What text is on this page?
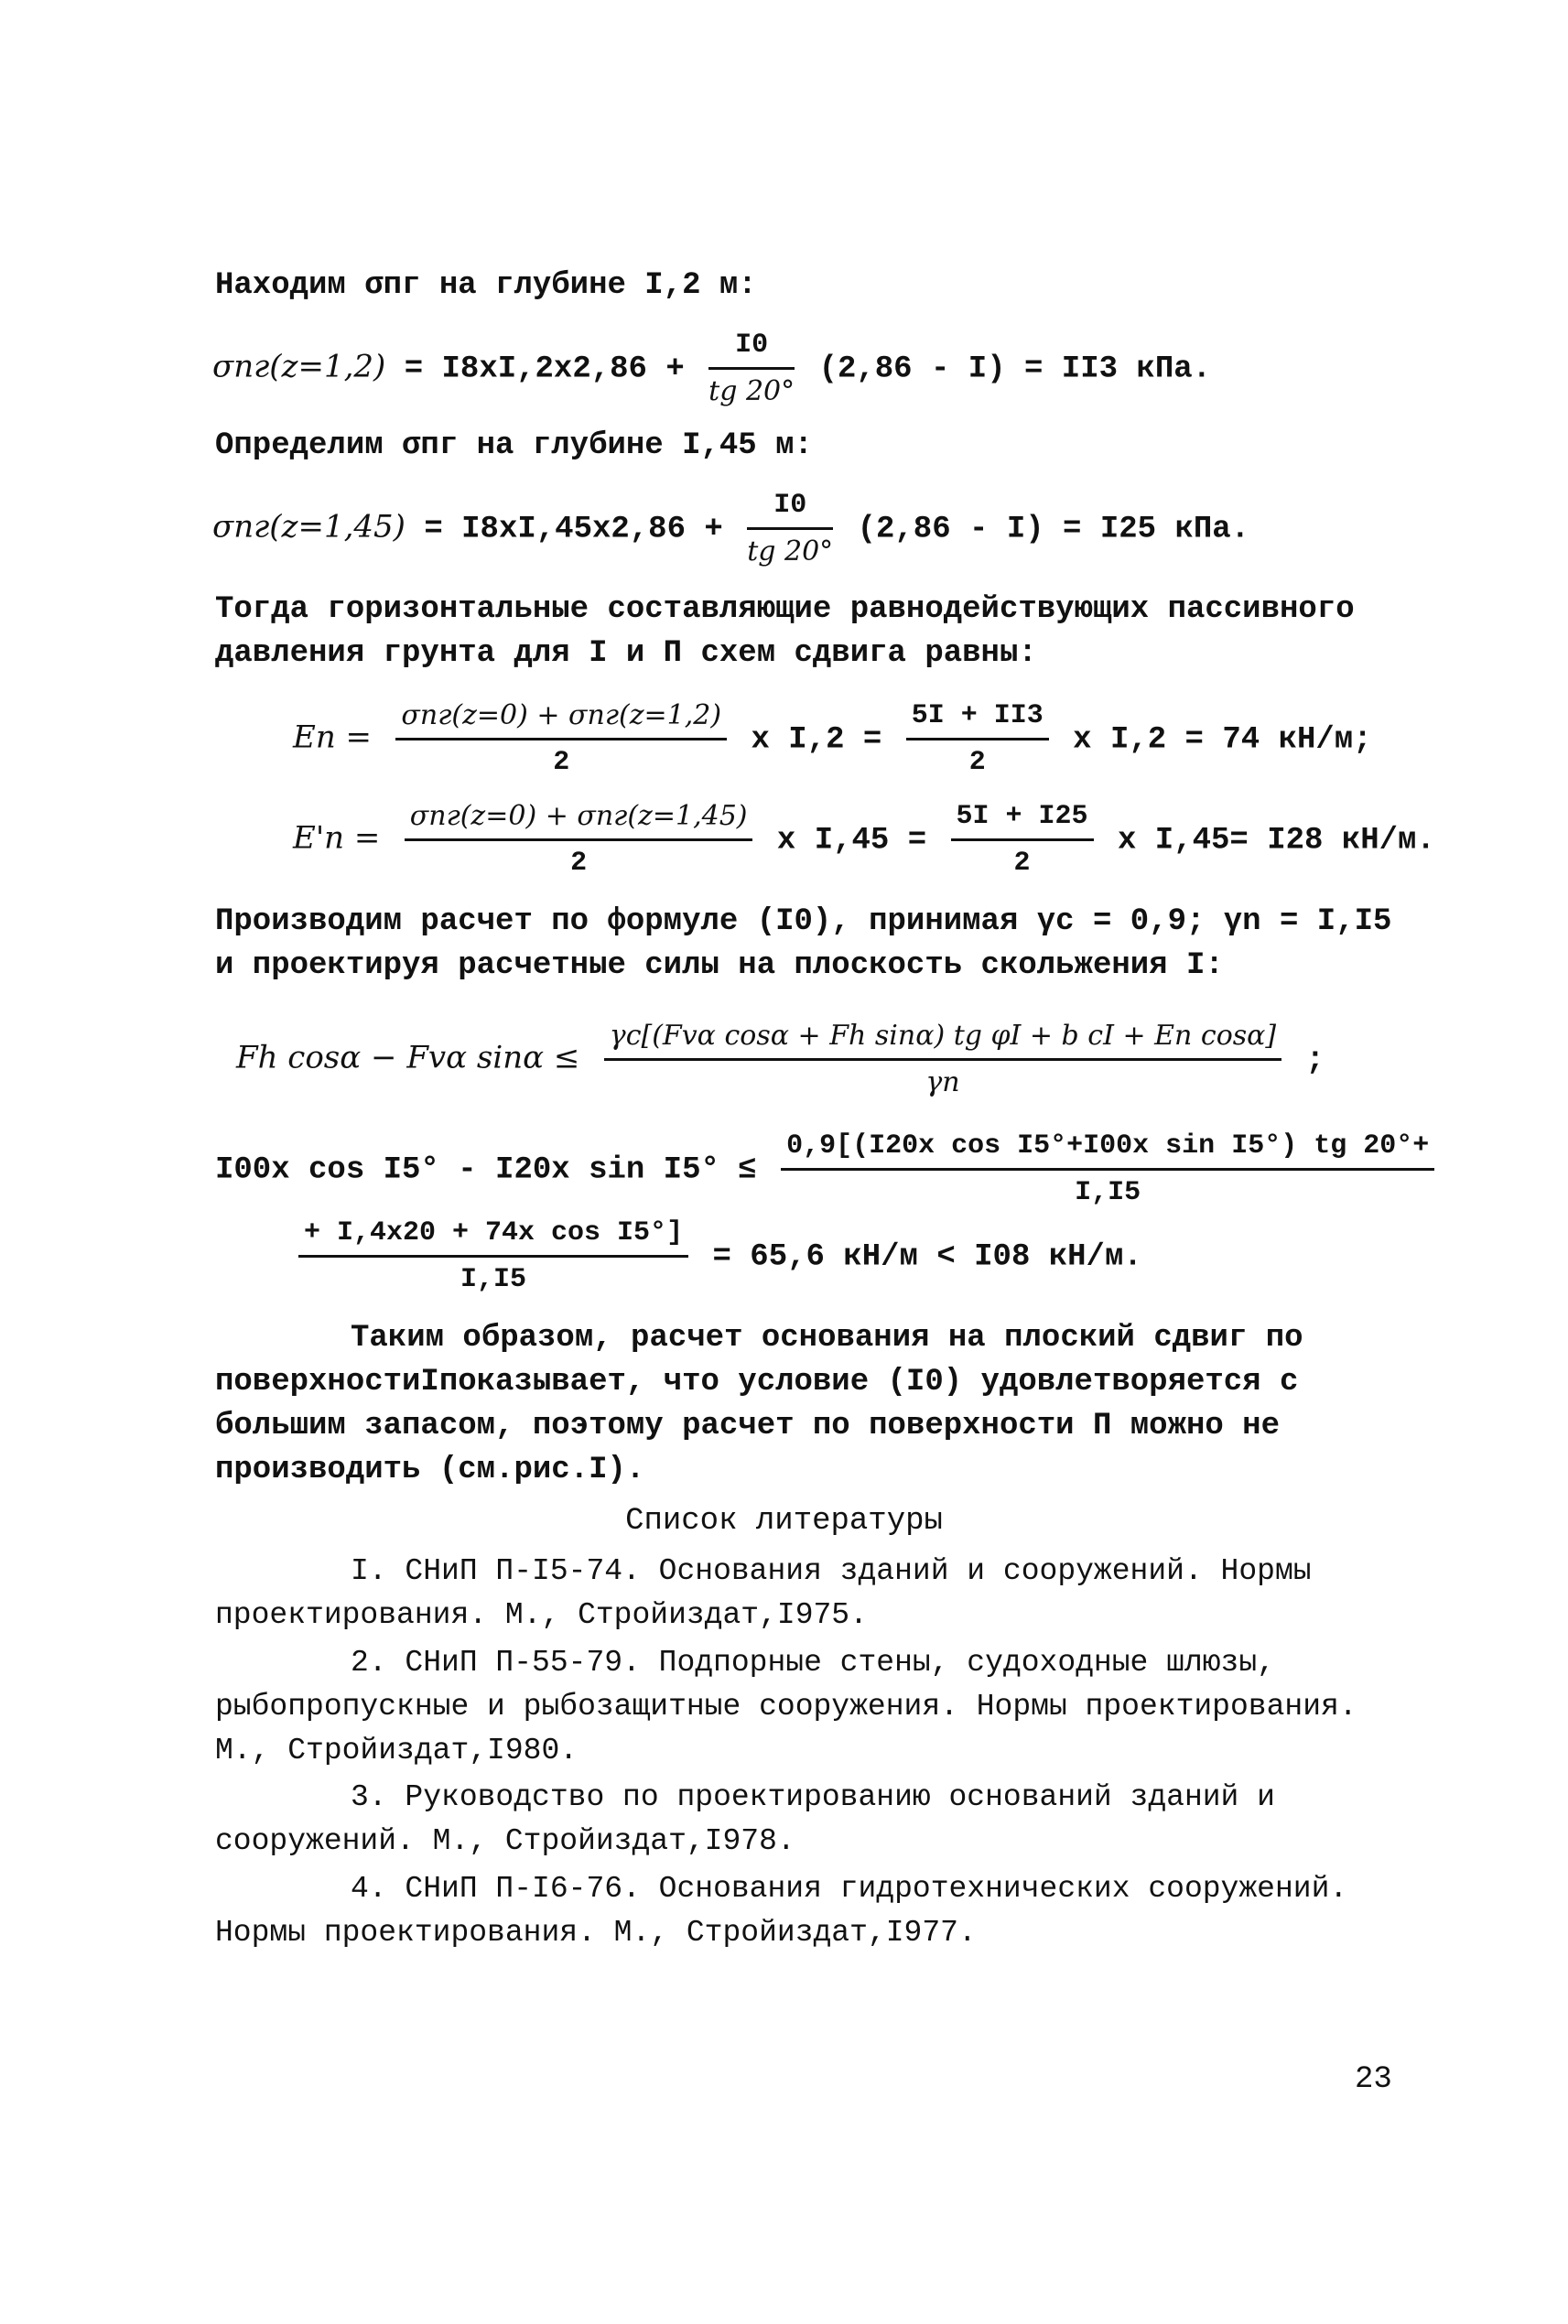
Находим σпг на глубине I,2 м:
$\sigma пг(z=1,2) = I8хI,2х2,86 + \frac{I0}{tg 20^\circ} (2,86 - I) = II3$ кПа.
Определим σпг на глубине I,45 м:
$\sigma пг(z=1,45) = I8хI,45х2,86 + \frac{I0}{tg 20^\circ} (2,86 - I) = I25$ кПа.
Тогда горизонтальные составляющие равнодействующих пассивного давления грунта для I и П схем сдвига равны:
Eп = $\frac{\text{σпг(z=0) + σпг(z=1,2)}}{2}$ х $I,2 = \frac{5I + II3}{2}$ х I,2 = 74 кН/м;
$E'п = \frac{\text{σпг(z=0) + σпг(z=1,45)}}{2}$ х $I,45 = \frac{5I + I25}{2}$ х I,45= I28 кН/м.
Производим расчет по формуле (I0), принимая γc = 0,9; γn = I,I5
и проектируя расчетные силы на плоскость скольжения I:
Fh cosα − Fvα $\sin\alpha \le \frac{\text{γc[(Fvα cosα + Fh sinα) tg φI + b cI + Eп cosα]}}{\gamma n}$ ;
I00х cos I5° - I20х $\sin I5^\circ \le \frac{\text{0,9[(I20х cos I5°+I00х sin I5°) tg 20°+}}{I,I5}$
$\frac{\text{+ I,4х20 + 74х cos I5°]}}{I,I5} = 65,6$ кН/м < I08 кН/м.
Таким образом, расчет основания на плоский сдвиг по поверхностиIпоказывает, что условие (I0) удовлетворяется с большим запасом, поэтому расчет по поверхности П можно не производить (см.рис.I).
Список литературы
I. СНиП П-I5-74. Основания зданий и сооружений. Нормы проектирования. М., Стройиздат,I975.
2. СНиП П-55-79. Подпорные стены, судоходные шлюзы, рыбопропускные и рыбозащитные сооружения. Нормы проектирования. М., Стройиздат,I980.
3. Руководство по проектированию оснований зданий и сооружений. М., Стройиздат,I978.
4. СНиП П-I6-76. Основания гидротехнических сооружений. Нормы проектирования. М., Стройиздат,I977.
23
